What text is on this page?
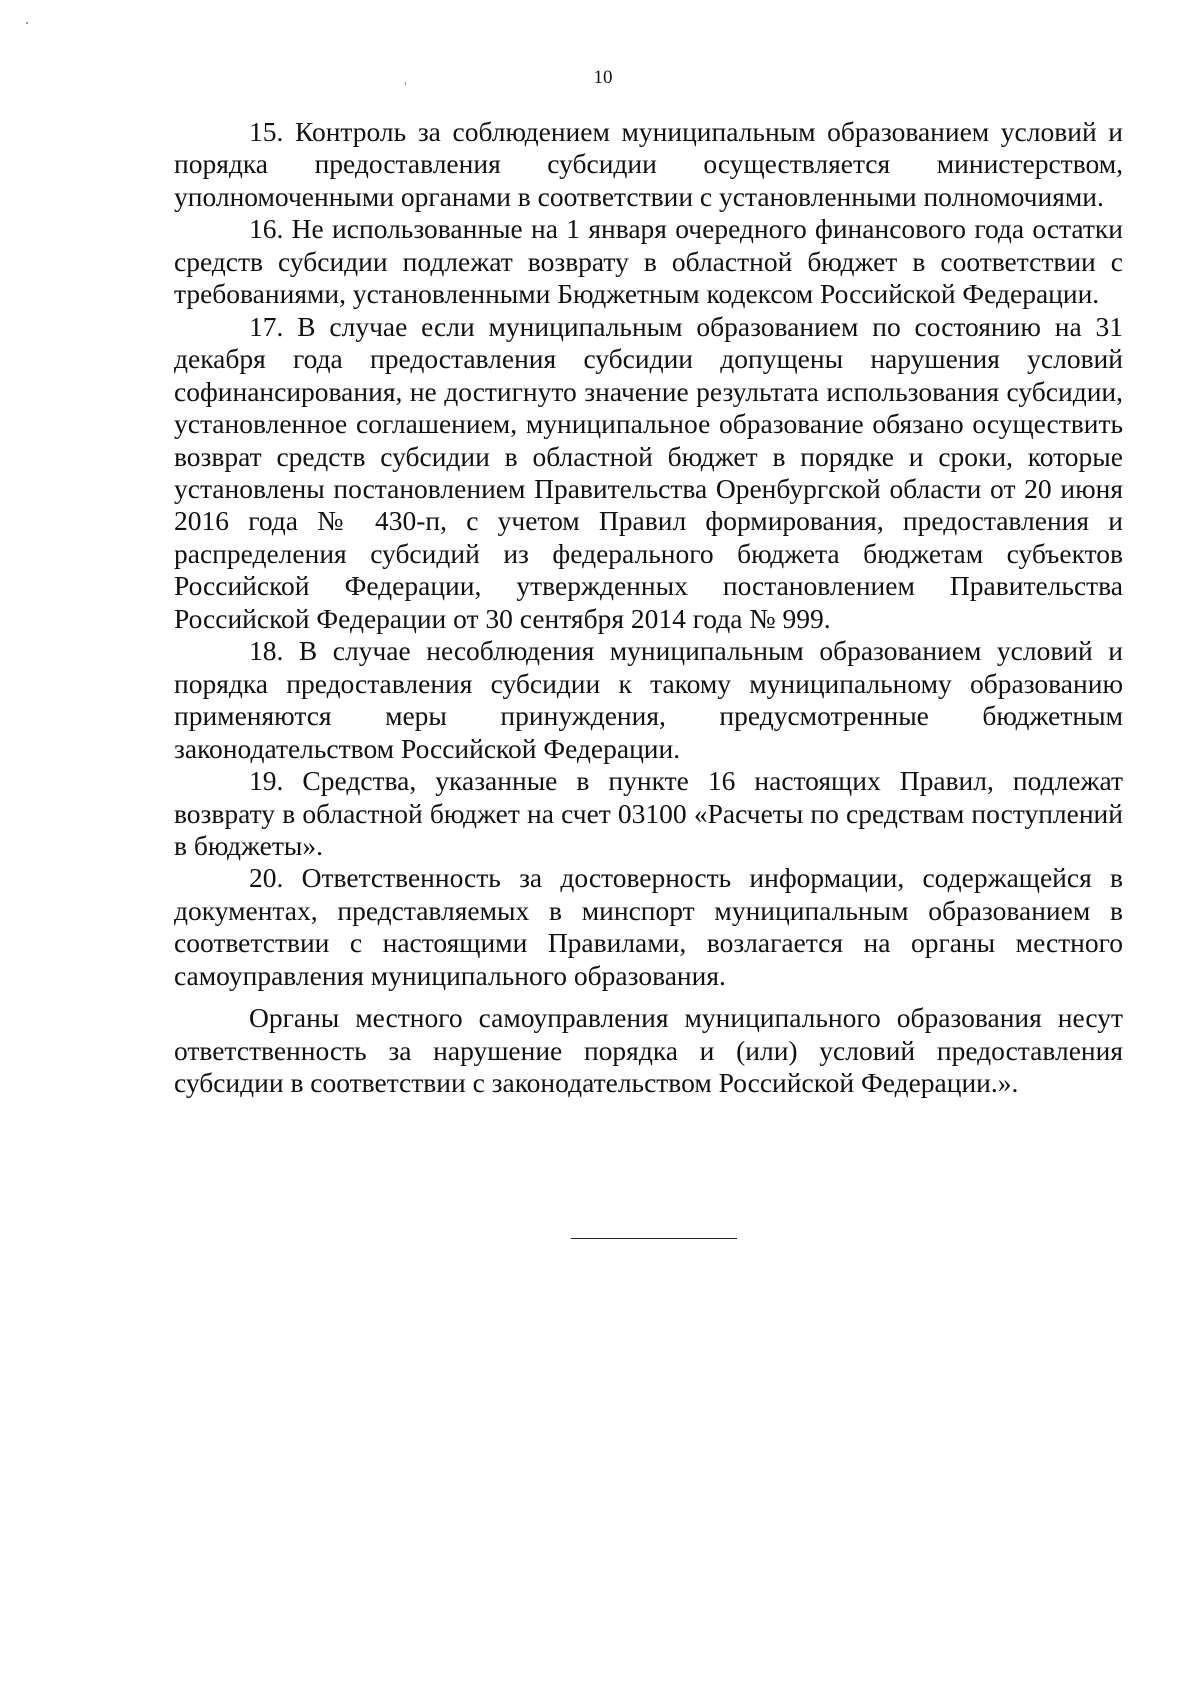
10

15. Контроль за соблюдением муниципальным образованием условий и порядка предоставления субсидии осуществляется министерством, уполномоченными органами в соответствии с установленными полномочиями.

16. Не использованные на 1 января очередного финансового года остатки средств субсидии подлежат возврату в областной бюджет в соответствии с требованиями, установленными Бюджетным кодексом Российской Федерации.

17. В случае если муниципальным образованием по состоянию на 31 декабря года предоставления субсидии допущены нарушения условий софинансирования, не достигнуто значение результата использования субсидии, установленное соглашением, муниципальное образование обязано осуществить возврат средств субсидии в областной бюджет в порядке и сроки, которые установлены постановлением Правительства Оренбургской области от 20 июня 2016 года № 430-п, с учетом Правил формирования, предоставления и распределения субсидий из федерального бюджета бюджетам субъектов Российской Федерации, утвержденных постановлением Правительства Российской Федерации от 30 сентября 2014 года № 999.

18. В случае несоблюдения муниципальным образованием условий и порядка предоставления субсидии к такому муниципальному образованию применяются меры принуждения, предусмотренные бюджетным законодательством Российской Федерации.

19. Средства, указанные в пункте 16 настоящих Правил, подлежат возврату в областной бюджет на счет 03100 «Расчеты по средствам поступлений в бюджеты».

20. Ответственность за достоверность информации, содержащейся в документах, представляемых в минспорт муниципальным образованием в соответствии с настоящими Правилами, возлагается на органы местного самоуправления муниципального образования.

Органы местного самоуправления муниципального образования несут ответственность за нарушение порядка и (или) условий предоставления субсидии в соответствии с законодательством Российской Федерации.».
